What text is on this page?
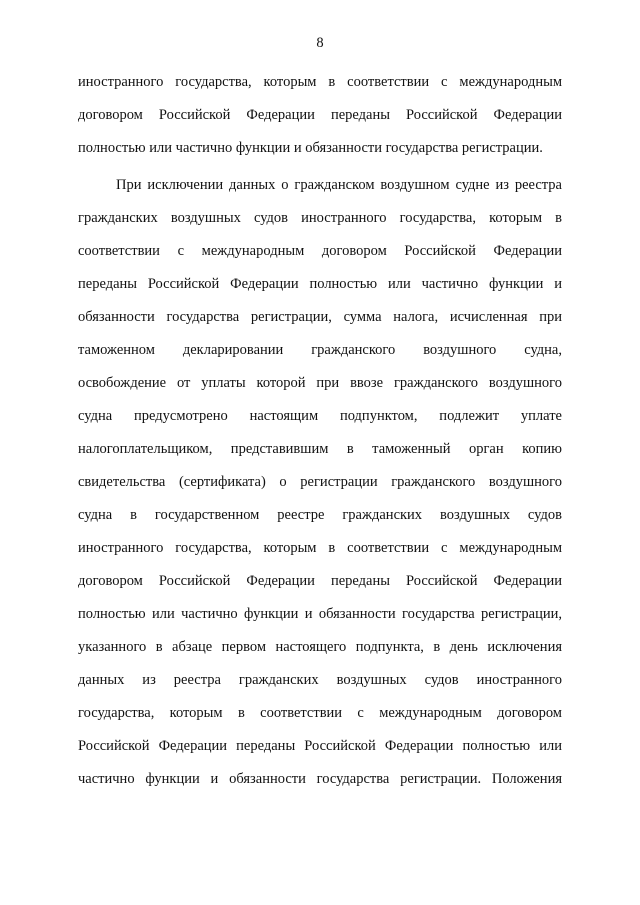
8
иностранного государства, которым в соответствии с международным
договором Российской Федерации переданы Российской Федерации
полностью или частично функции и обязанности государства регистрации.
При исключении данных о гражданском воздушном судне из реестра
гражданских воздушных судов иностранного государства, которым в
соответствии с международным договором Российской Федерации
переданы Российской Федерации полностью или частично функции и
обязанности государства регистрации, сумма налога, исчисленная при
таможенном декларировании гражданского воздушного судна,
освобождение от уплаты которой при ввозе гражданского воздушного
судна предусмотрено настоящим подпунктом, подлежит уплате
налогоплательщиком, представившим в таможенный орган копию
свидетельства (сертификата) о регистрации гражданского воздушного
судна в государственном реестре гражданских воздушных судов
иностранного государства, которым в соответствии с международным
договором Российской Федерации переданы Российской Федерации
полностью или частично функции и обязанности государства регистрации,
указанного в абзаце первом настоящего подпункта, в день исключения
данных из реестра гражданских воздушных судов иностранного
государства, которым в соответствии с международным договором
Российской Федерации переданы Российской Федерации полностью или
частично функции и обязанности государства регистрации. Положения
